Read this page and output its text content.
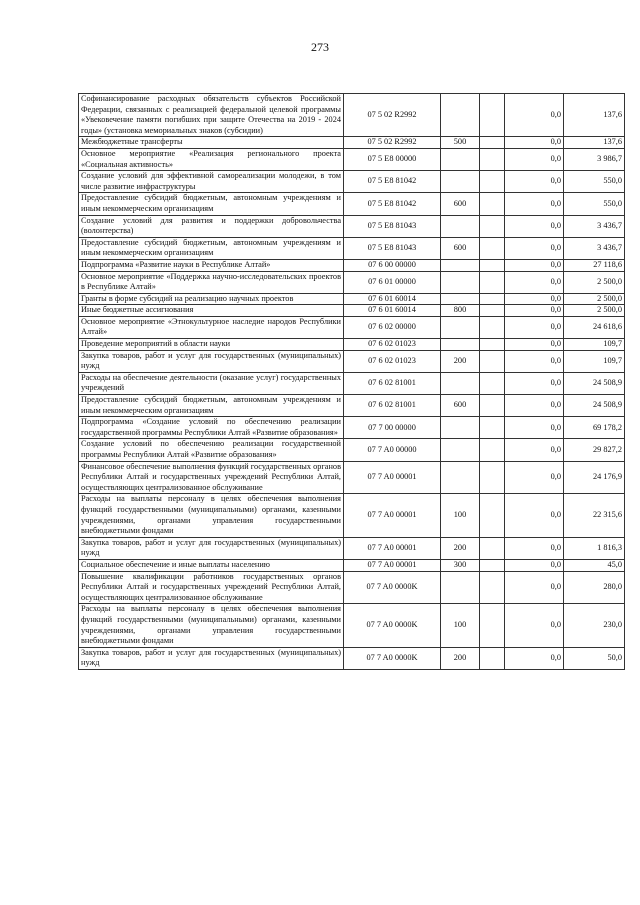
273
Софинансирование расходных обязательств субъектов Российской Федерации, связанных с реализацией федеральной целевой программы «Увековечение памяти погибших при защите Отечества на 2019 - 2024 годы» (установка мемориальных знаков (субсидии)	07 5 02 R2992			0,0	137,6
Межбюджетные трансферты	07 5 02 R2992	500		0,0	137,6
Основное мероприятие «Реализация регионального проекта «Социальная активность»	07 5 E8 00000			0,0	3 986,7
Создание условий для эффективной самореализации молодежи, в том числе развитие инфраструктуры	07 5 E8 81042			0,0	550,0
Предоставление субсидий бюджетным, автономным учреждениям и иным некоммерческим организациям	07 5 E8 81042	600		0,0	550,0
Создание условий для развития и поддержки добровольчества (волонтерства)	07 5 E8 81043			0,0	3 436,7
Предоставление субсидий бюджетным, автономным учреждениям и иным некоммерческим организациям	07 5 E8 81043	600		0,0	3 436,7
Подпрограмма «Развитие науки в Республике Алтай»	07 6 00 00000			0,0	27 118,6
Основное мероприятие «Поддержка научно-исследовательских проектов в Республике Алтай»	07 6 01 00000			0,0	2 500,0
Гранты в форме субсидий на реализацию научных проектов	07 6 01 60014			0,0	2 500,0
Иные бюджетные ассигнования	07 6 01 60014	800		0,0	2 500,0
Основное мероприятие «Этнокультурное наследие народов Республики Алтай»	07 6 02 00000			0,0	24 618,6
Проведение мероприятий в области науки	07 6 02 01023			0,0	109,7
Закупка товаров, работ и услуг для государственных (муниципальных) нужд	07 6 02 01023	200		0,0	109,7
Расходы на обеспечение деятельности (оказание услуг) государственных учреждений	07 6 02 81001			0,0	24 508,9
Предоставление субсидий бюджетным, автономным учреждениям и иным некоммерческим организациям	07 6 02 81001	600		0,0	24 508,9
Подпрограмма «Создание условий по обеспечению реализации государственной программы Республики Алтай «Развитие образования»	07 7 00 00000			0,0	69 178,2
Создание условий по обеспечению реализации государственной программы Республики Алтай «Развитие образования»	07 7 A0 00000			0,0	29 827,2
Финансовое обеспечение выполнения функций государственных органов Республики Алтай и государственных учреждений Республики Алтай, осуществляющих централизованное обслуживание	07 7 A0 00001			0,0	24 176,9
Расходы на выплаты персоналу в целях обеспечения выполнения функций государственными (муниципальными) органами, казенными учреждениями, органами управления государственными внебюджетными фондами	07 7 A0 00001	100		0,0	22 315,6
Закупка товаров, работ и услуг для государственных (муниципальных) нужд	07 7 A0 00001	200		0,0	1 816,3
Социальное обеспечение и иные выплаты населению	07 7 A0 00001	300		0,0	45,0
Повышение квалификации работников государственных органов Республики Алтай и государственных учреждений Республики Алтай, осуществляющих централизованное обслуживание	07 7 A0 0000K			0,0	280,0
Расходы на выплаты персоналу в целях обеспечения выполнения функций государственными (муниципальными) органами, казенными учреждениями, органами управления государственными внебюджетными фондами	07 7 A0 0000K	100		0,0	230,0
Закупка товаров, работ и услуг для государственных (муниципальных) нужд	07 7 A0 0000K	200		0,0	50,0
